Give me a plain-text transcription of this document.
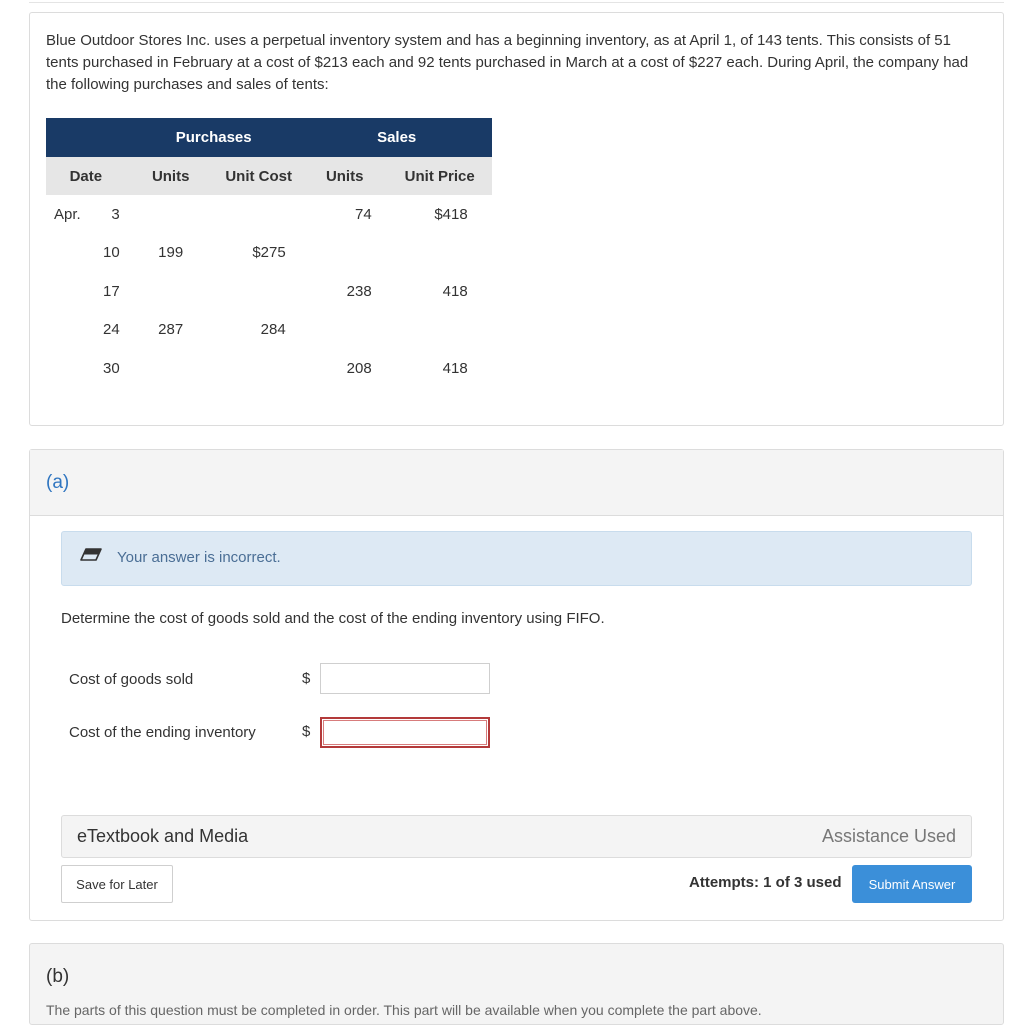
Blue Outdoor Stores Inc. uses a perpetual inventory system and has a beginning inventory, as at April 1, of 143 tents. This consists of 51 tents purchased in February at a cost of $213 each and 92 tents purchased in March at a cost of $227 each. During April, the company had the following purchases and sales of tents:
		Purchases		Sales	
Date		Units	Unit Cost	Units	Unit Price
Apr.	3			74	$418
	10	199	$275		
	17			238	418
	24	287	284		
	30			208	418
(a)
Your answer is incorrect.
Determine the cost of goods sold and the cost of the ending inventory using FIFO.
Cost of goods sold	$
Cost of the ending inventory	$
eTextbook and Media	Assistance Used
Save for Later	Attempts: 1 of 3 used	Submit Answer
(b)
The parts of this question must be completed in order. This part will be available when you complete the part above.
